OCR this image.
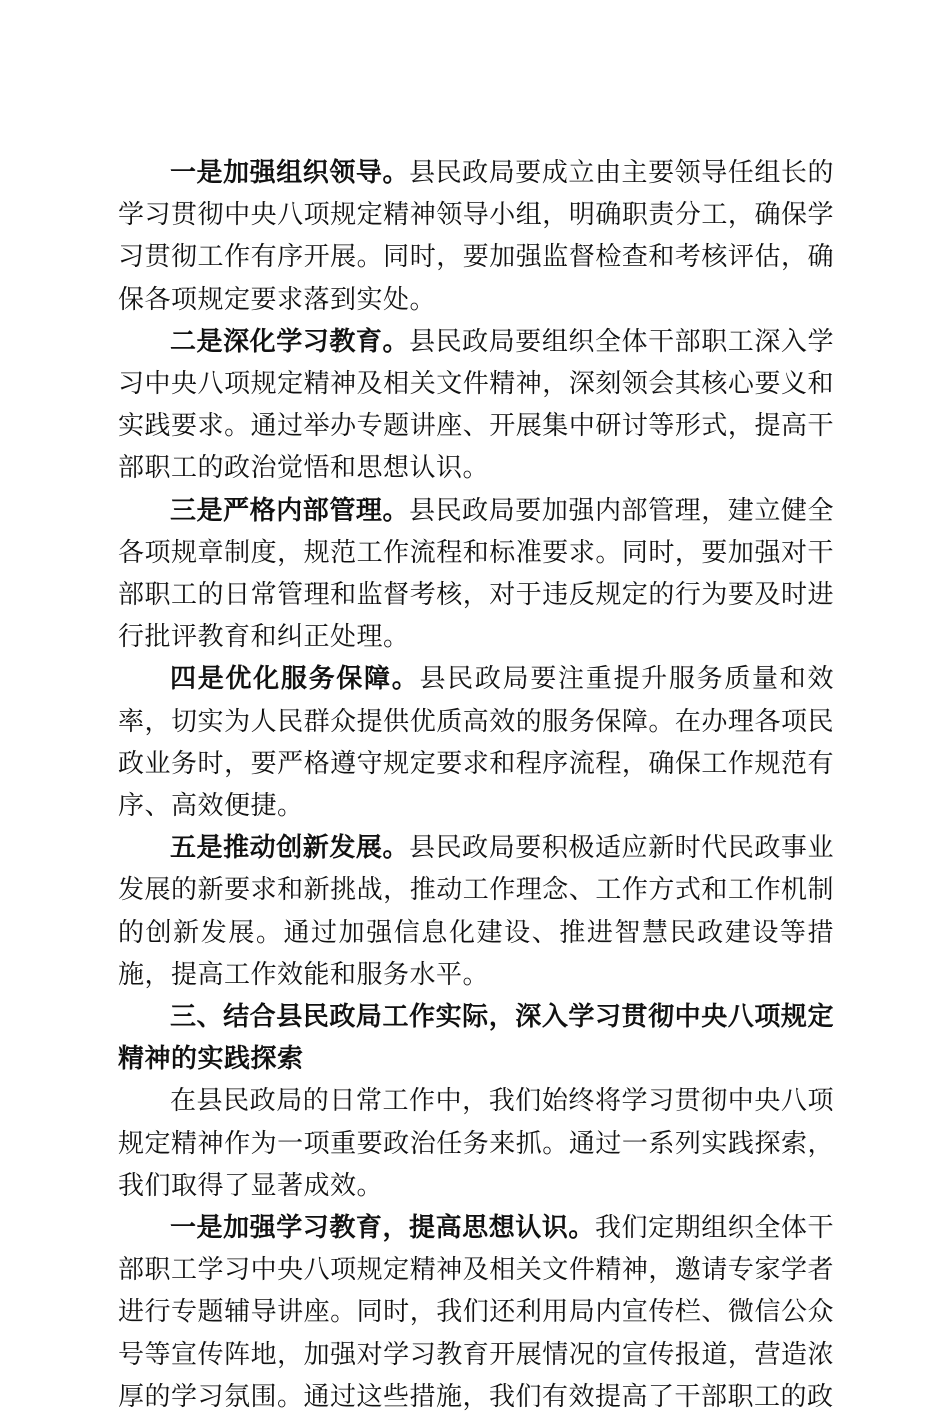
一是加强组织领导。县民政局要成立由主要领导任组长的学习贯彻中央八项规定精神领导小组，明确职责分工，确保学习贯彻工作有序开展。同时，要加强监督检查和考核评估，确保各项规定要求落到实处。

二是深化学习教育。县民政局要组织全体干部职工深入学习中央八项规定精神及相关文件精神，深刻领会其核心要义和实践要求。通过举办专题讲座、开展集中研讨等形式，提高干部职工的政治觉悟和思想认识。

三是严格内部管理。县民政局要加强内部管理，建立健全各项规章制度，规范工作流程和标准要求。同时，要加强对干部职工的日常管理和监督考核，对于违反规定的行为要及时进行批评教育和纠正处理。

四是优化服务保障。县民政局要注重提升服务质量和效率，切实为人民群众提供优质高效的服务保障。在办理各项民政业务时，要严格遵守规定要求和程序流程，确保工作规范有序、高效便捷。

五是推动创新发展。县民政局要积极适应新时代民政事业发展的新要求和新挑战，推动工作理念、工作方式和工作机制的创新发展。通过加强信息化建设、推进智慧民政建设等措施，提高工作效能和服务水平。

三、结合县民政局工作实际，深入学习贯彻中央八项规定精神的实践探索

在县民政局的日常工作中，我们始终将学习贯彻中央八项规定精神作为一项重要政治任务来抓。通过一系列实践探索，我们取得了显著成效。

一是加强学习教育，提高思想认识。我们定期组织全体干部职工学习中央八项规定精神及相关文件精神，邀请专家学者进行专题辅导讲座。同时，我们还利用局内宣传栏、微信公众号等宣传阵地，加强对学习教育开展情况的宣传报道，营造浓厚的学习氛围。通过这些措施，我们有效提高了干部职工的政
